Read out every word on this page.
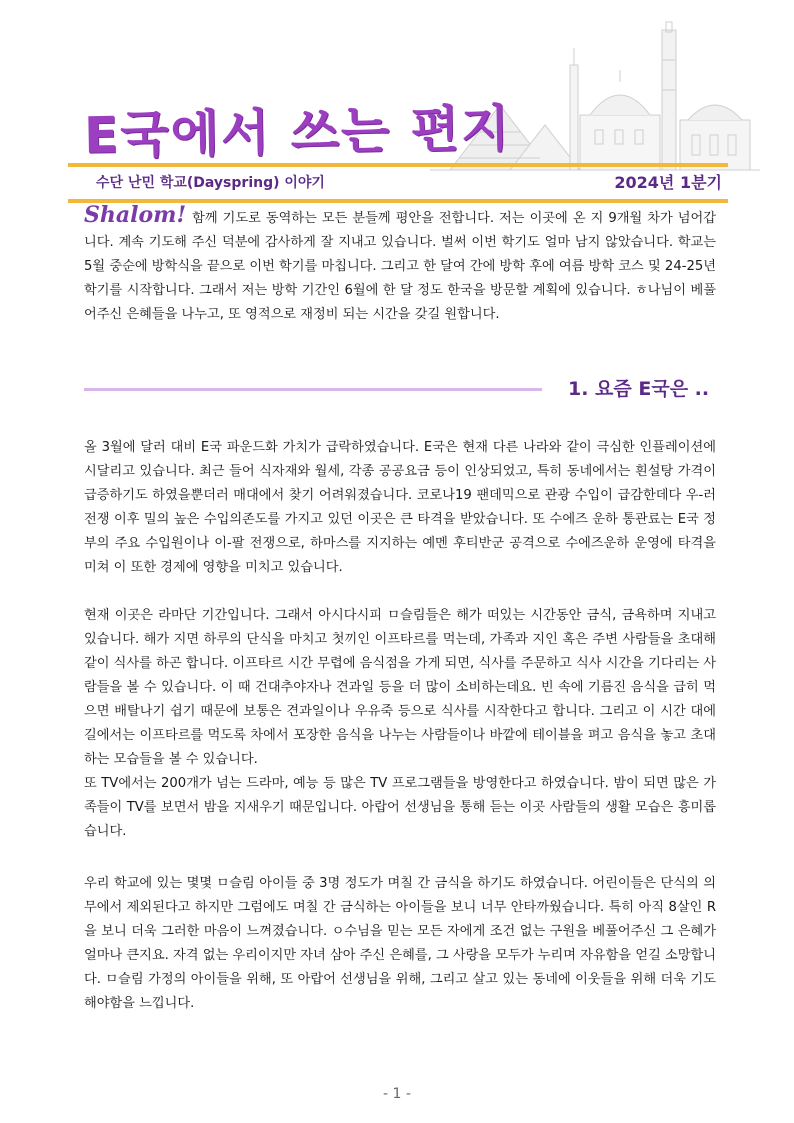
E국에서 쓰는 편지
수단 난민 학교(Dayspring) 이야기	2024년 1분기

Shalom! 함께 기도로 동역하는 모든 분들께 평안을 전합니다. 저는 이곳에 온 지 9개월 차가 넘어갑니다. 계속 기도해 주신 덕분에 감사하게 잘 지내고 있습니다. 벌써 이번 학기도 얼마 남지 않았습니다. 학교는 5월 중순에 방학식을 끝으로 이번 학기를 마칩니다. 그리고 한 달여 간에 방학 후에 여름 방학 코스 및 24-25년 학기를 시작합니다. 그래서 저는 방학 기간인 6월에 한 달 정도 한국을 방문할 계획에 있습니다. ㅎ나님이 베풀어주신 은혜들을 나누고, 또 영적으로 재정비 되는 시간을 갖길 원합니다.

1. 요즘 E국은 ..

올 3월에 달러 대비 E국 파운드화 가치가 급락하였습니다. E국은 현재 다른 나라와 같이 극심한 인플레이션에 시달리고 있습니다. 최근 들어 식자재와 월세, 각종 공공요금 등이 인상되었고, 특히 동네에서는 흰설탕 가격이 급증하기도 하였을뿐더러 매대에서 찾기 어려워졌습니다. 코로나19 팬데믹으로 관광 수입이 급감한데다 우-러 전쟁 이후 밀의 높은 수입의존도를 가지고 있던 이곳은 큰 타격을 받았습니다. 또 수에즈 운하 통관료는 E국 정부의 주요 수입원이나 이-팔 전쟁으로, 하마스를 지지하는 예멘 후티반군 공격으로 수에즈운하 운영에 타격을 미쳐 이 또한 경제에 영향을 미치고 있습니다.

현재 이곳은 라마단 기간입니다. 그래서 아시다시피 ㅁ슬림들은 해가 떠있는 시간동안 금식, 금욕하며 지내고 있습니다. 해가 지면 하루의 단식을 마치고 첫끼인 이프타르를 먹는데, 가족과 지인 혹은 주변 사람들을 초대해 같이 식사를 하곤 합니다. 이프타르 시간 무렵에 음식점을 가게 되면, 식사를 주문하고 식사 시간을 기다리는 사람들을 볼 수 있습니다. 이 때 건대추야자나 견과일 등을 더 많이 소비하는데요. 빈 속에 기름진 음식을 급히 먹으면 배탈나기 쉽기 때문에 보통은 견과일이나 우유죽 등으로 식사를 시작한다고 합니다. 그리고 이 시간 대에 길에서는 이프타르를 먹도록 차에서 포장한 음식을 나누는 사람들이나 바깥에 테이블을 펴고 음식을 놓고 초대하는 모습들을 볼 수 있습니다.

또 TV에서는 200개가 넘는 드라마, 예능 등 많은 TV 프로그램들을 방영한다고 하였습니다. 밤이 되면 많은 가족들이 TV를 보면서 밤을 지새우기 때문입니다. 아랍어 선생님을 통해 듣는 이곳 사람들의 생활 모습은 흥미롭습니다.

우리 학교에 있는 몇몇 ㅁ슬림 아이들 중 3명 정도가 며칠 간 금식을 하기도 하였습니다. 어린이들은 단식의 의무에서 제외된다고 하지만 그럼에도 며칠 간 금식하는 아이들을 보니 너무 안타까웠습니다. 특히 아직 8살인 R을 보니 더욱 그러한 마음이 느껴졌습니다. ㅇ수님을 믿는 모든 자에게 조건 없는 구원을 베풀어주신 그 은혜가 얼마나 큰지요. 자격 없는 우리이지만 자녀 삼아 주신 은혜를, 그 사랑을 모두가 누리며 자유함을 얻길 소망합니다. ㅁ슬림 가정의 아이들을 위해, 또 아랍어 선생님을 위해, 그리고 살고 있는 동네에 이웃들을 위해 더욱 기도해야함을 느낍니다.

- 1 -
